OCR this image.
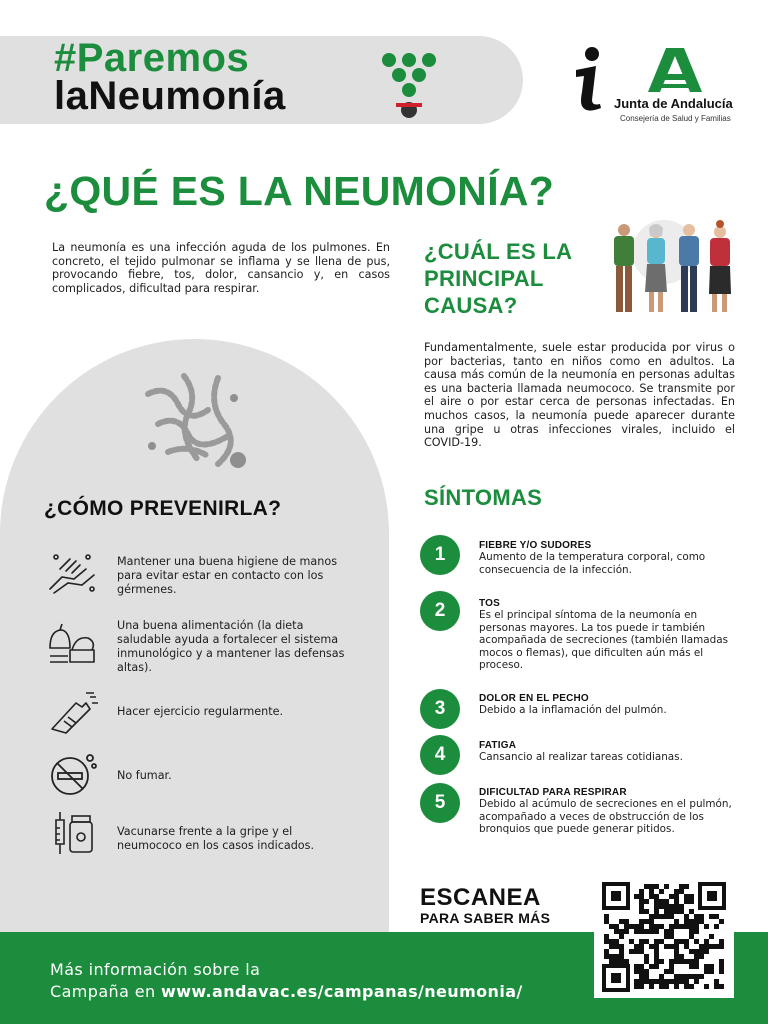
#Paremos
laNeumonía	Junta de Andalucía
Consejería de Salud y Familias
¿QUÉ ES LA NEUMONÍA?
La neumonía es una infección aguda de los pulmones. En concreto, el tejido pulmonar se inflama y se llena de pus, provocando fiebre, tos, dolor, cansancio y, en casos complicados, dificultad para respirar.
¿CUÁL ES LA PRINCIPAL CAUSA?
Fundamentalmente, suele estar producida por virus o por bacterias, tanto en niños como en adultos. La causa más común de la neumonía en personas adultas es una bacteria llamada neumococo. Se transmite por el aire o por estar cerca de personas infectadas. En muchos casos, la neumonía puede aparecer durante una gripe u otras infecciones virales, incluido el COVID-19.
¿CÓMO PREVENIRLA?
Mantener una buena higiene de manos para evitar estar en contacto con los gérmenes.
Una buena alimentación (la dieta saludable ayuda a fortalecer el sistema inmunológico y a mantener las defensas altas).
Hacer ejercicio regularmente.
No fumar.
Vacunarse frente a la gripe y el neumococo en los casos indicados.
SÍNTOMAS
1	FIEBRE Y/O SUDORES
Aumento de la temperatura corporal, como consecuencia de la infección.
2	TOS
Es el principal síntoma de la neumonía en personas mayores. La tos puede ir también acompañada de secreciones (también llamadas mocos o flemas), que dificulten aún más el proceso.
3	DOLOR EN EL PECHO
Debido a la inflamación del pulmón.
4	FATIGA
Cansancio al realizar tareas cotidianas.
5	DIFICULTAD PARA RESPIRAR
Debido al acúmulo de secreciones en el pulmón, acompañado a veces de obstrucción de los bronquios que puede generar pitidos.
ESCANEA
PARA SABER MÁS
Más información sobre la
Campaña en www.andavac.es/campanas/neumonia/
